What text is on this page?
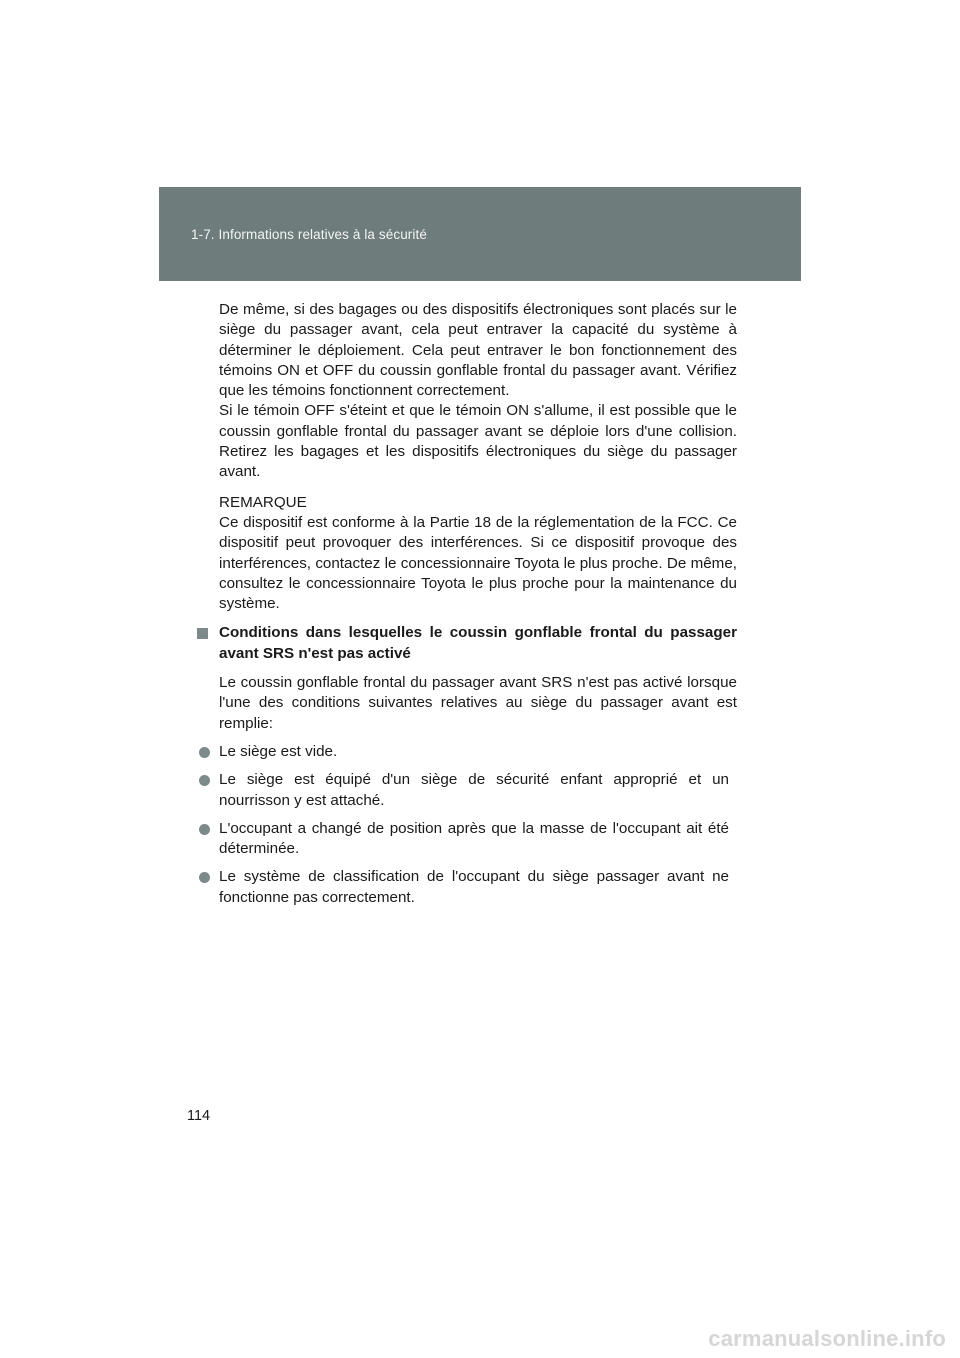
1-7. Informations relatives à la sécurité

De même, si des bagages ou des dispositifs électroniques sont placés sur le siège du passager avant, cela peut entraver la capacité du système à déterminer le déploiement. Cela peut entraver le bon fonctionnement des témoins ON et OFF du coussin gonflable frontal du passager avant. Vérifiez que les témoins fonctionnent correctement.

Si le témoin OFF s'éteint et que le témoin ON s'allume, il est possible que le coussin gonflable frontal du passager avant se déploie lors d'une collision. Retirez les bagages et les dispositifs électroniques du siège du passager avant.

REMARQUE

Ce dispositif est conforme à la Partie 18 de la réglementation de la FCC. Ce dispositif peut provoquer des interférences. Si ce dispositif provoque des interférences, contactez le concessionnaire Toyota le plus proche. De même, consultez le concessionnaire Toyota le plus proche pour la maintenance du système.

Conditions dans lesquelles le coussin gonflable frontal du passager avant SRS n'est pas activé

Le coussin gonflable frontal du passager avant SRS n'est pas activé lorsque l'une des conditions suivantes relatives au siège du passager avant est remplie:

Le siège est vide.
Le siège est équipé d'un siège de sécurité enfant approprié et un nourrisson y est attaché.
L'occupant a changé de position après que la masse de l'occupant ait été déterminée.
Le système de classification de l'occupant du siège passager avant ne fonctionne pas correctement.
114
carmanualsonline.info
